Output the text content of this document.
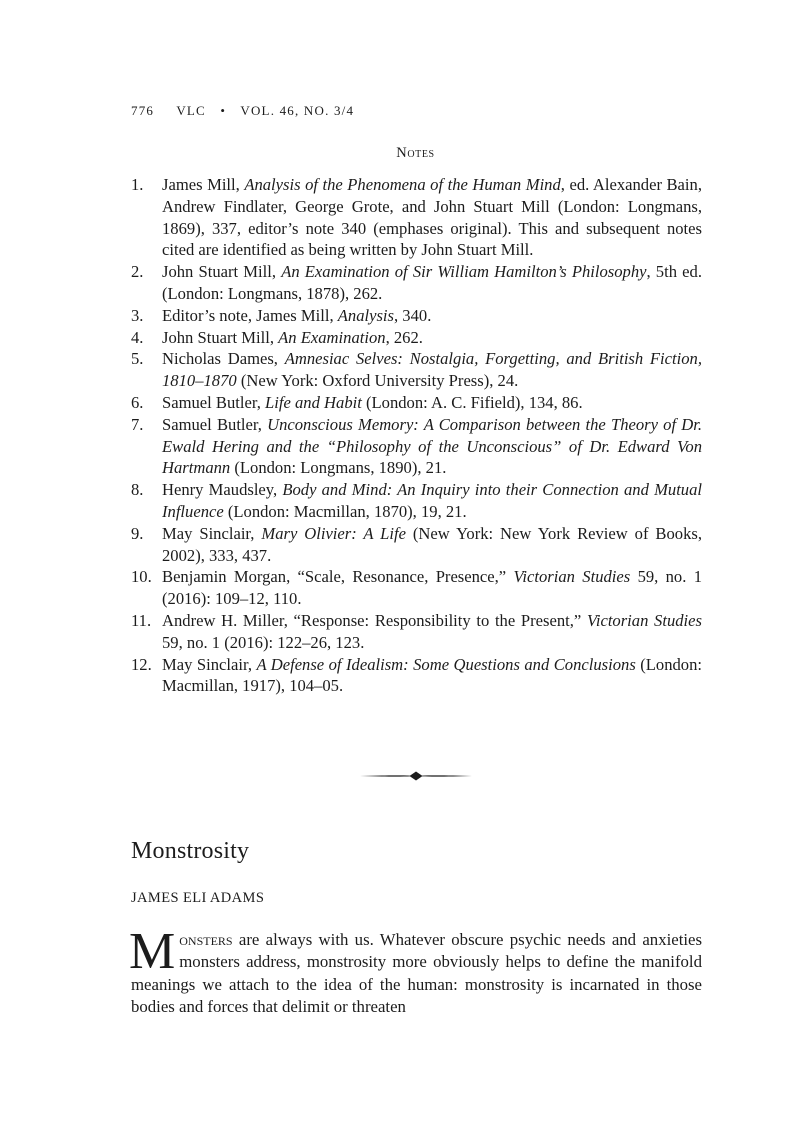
776 VLC • VOL. 46, NO. 3/4
Notes
1.	James Mill, Analysis of the Phenomena of the Human Mind, ed. Alexander Bain, Andrew Findlater, George Grote, and John Stuart Mill (London: Longmans, 1869), 337, editor’s note 340 (emphases original). This and subsequent notes cited are identified as being written by John Stuart Mill.
2.	John Stuart Mill, An Examination of Sir William Hamilton’s Philosophy, 5th ed. (London: Longmans, 1878), 262.
3.	Editor’s note, James Mill, Analysis, 340.
4.	John Stuart Mill, An Examination, 262.
5.	Nicholas Dames, Amnesiac Selves: Nostalgia, Forgetting, and British Fiction, 1810–1870 (New York: Oxford University Press), 24.
6.	Samuel Butler, Life and Habit (London: A. C. Fifield), 134, 86.
7.	Samuel Butler, Unconscious Memory: A Comparison between the Theory of Dr. Ewald Hering and the “Philosophy of the Unconscious” of Dr. Edward Von Hartmann (London: Longmans, 1890), 21.
8.	Henry Maudsley, Body and Mind: An Inquiry into their Connection and Mutual Influence (London: Macmillan, 1870), 19, 21.
9.	May Sinclair, Mary Olivier: A Life (New York: New York Review of Books, 2002), 333, 437.
10. Benjamin Morgan, “Scale, Resonance, Presence,” Victorian Studies 59, no. 1 (2016): 109–12, 110.
11. Andrew H. Miller, “Response: Responsibility to the Present,” Victorian Studies 59, no. 1 (2016): 122–26, 123.
12. May Sinclair, A Defense of Idealism: Some Questions and Conclusions (London: Macmillan, 1917), 104–05.
Monstrosity
JAMES ELI ADAMS

Monsters are always with us. Whatever obscure psychic needs and anxieties monsters address, monstrosity more obviously helps to define the manifold meanings we attach to the idea of the human: monstrosity is incarnated in those bodies and forces that delimit or threaten
